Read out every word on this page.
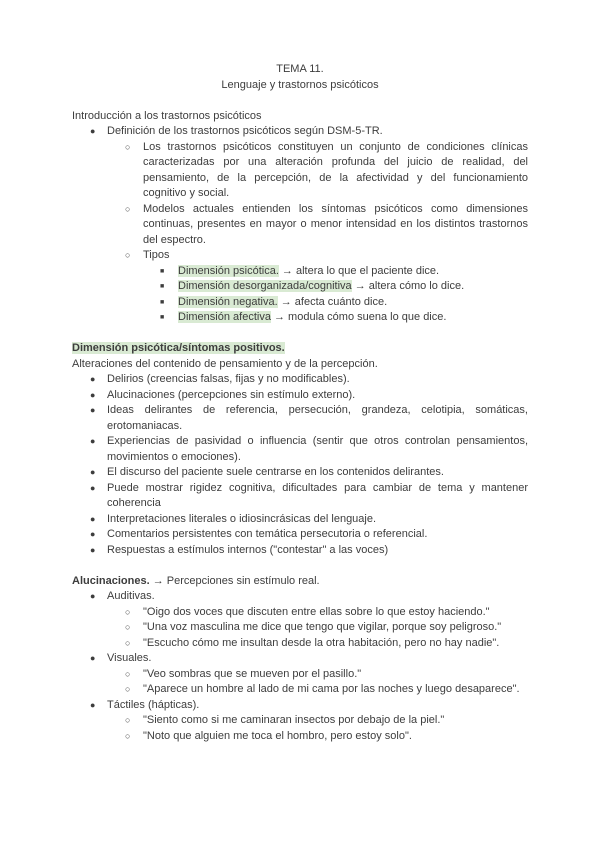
TEMA 11.
Lenguaje y trastornos psicóticos
Introducción a los trastornos psicóticos
● Definición de los trastornos psicóticos según DSM-5-TR.
○ Los trastornos psicóticos constituyen un conjunto de condiciones clínicas caracterizadas por una alteración profunda del juicio de realidad, del pensamiento, de la percepción, de la afectividad y del funcionamiento cognitivo y social.
○ Modelos actuales entienden los síntomas psicóticos como dimensiones continuas, presentes en mayor o menor intensidad en los distintos trastornos del espectro.
○ Tipos
■ Dimensión psicótica. → altera lo que el paciente dice.
■ Dimensión desorganizada/cognitiva → altera cómo lo dice.
■ Dimensión negativa. → afecta cuánto dice.
■ Dimensión afectiva → modula cómo suena lo que dice.
Dimensión psicótica/síntomas positivos.
Alteraciones del contenido de pensamiento y de la percepción.
● Delirios (creencias falsas, fijas y no modificables).
● Alucinaciones (percepciones sin estímulo externo).
● Ideas delirantes de referencia, persecución, grandeza, celotipia, somáticas, erotomaniacas.
● Experiencias de pasividad o influencia (sentir que otros controlan pensamientos, movimientos o emociones).
● El discurso del paciente suele centrarse en los contenidos delirantes.
● Puede mostrar rigidez cognitiva, dificultades para cambiar de tema y mantener coherencia
● Interpretaciones literales o idiosincrásicas del lenguaje.
● Comentarios persistentes con temática persecutoria o referencial.
● Respuestas a estímulos internos ("contestar" a las voces)
Alucinaciones. → Percepciones sin estímulo real.
● Auditivas.
○ "Oigo dos voces que discuten entre ellas sobre lo que estoy haciendo."
○ "Una voz masculina me dice que tengo que vigilar, porque soy peligroso."
○ "Escucho cómo me insultan desde la otra habitación, pero no hay nadie".
● Visuales.
○ "Veo sombras que se mueven por el pasillo."
○ "Aparece un hombre al lado de mi cama por las noches y luego desaparece".
● Táctiles (hápticas).
○ "Siento como si me caminaran insectos por debajo de la piel."
○ "Noto que alguien me toca el hombro, pero estoy solo".
